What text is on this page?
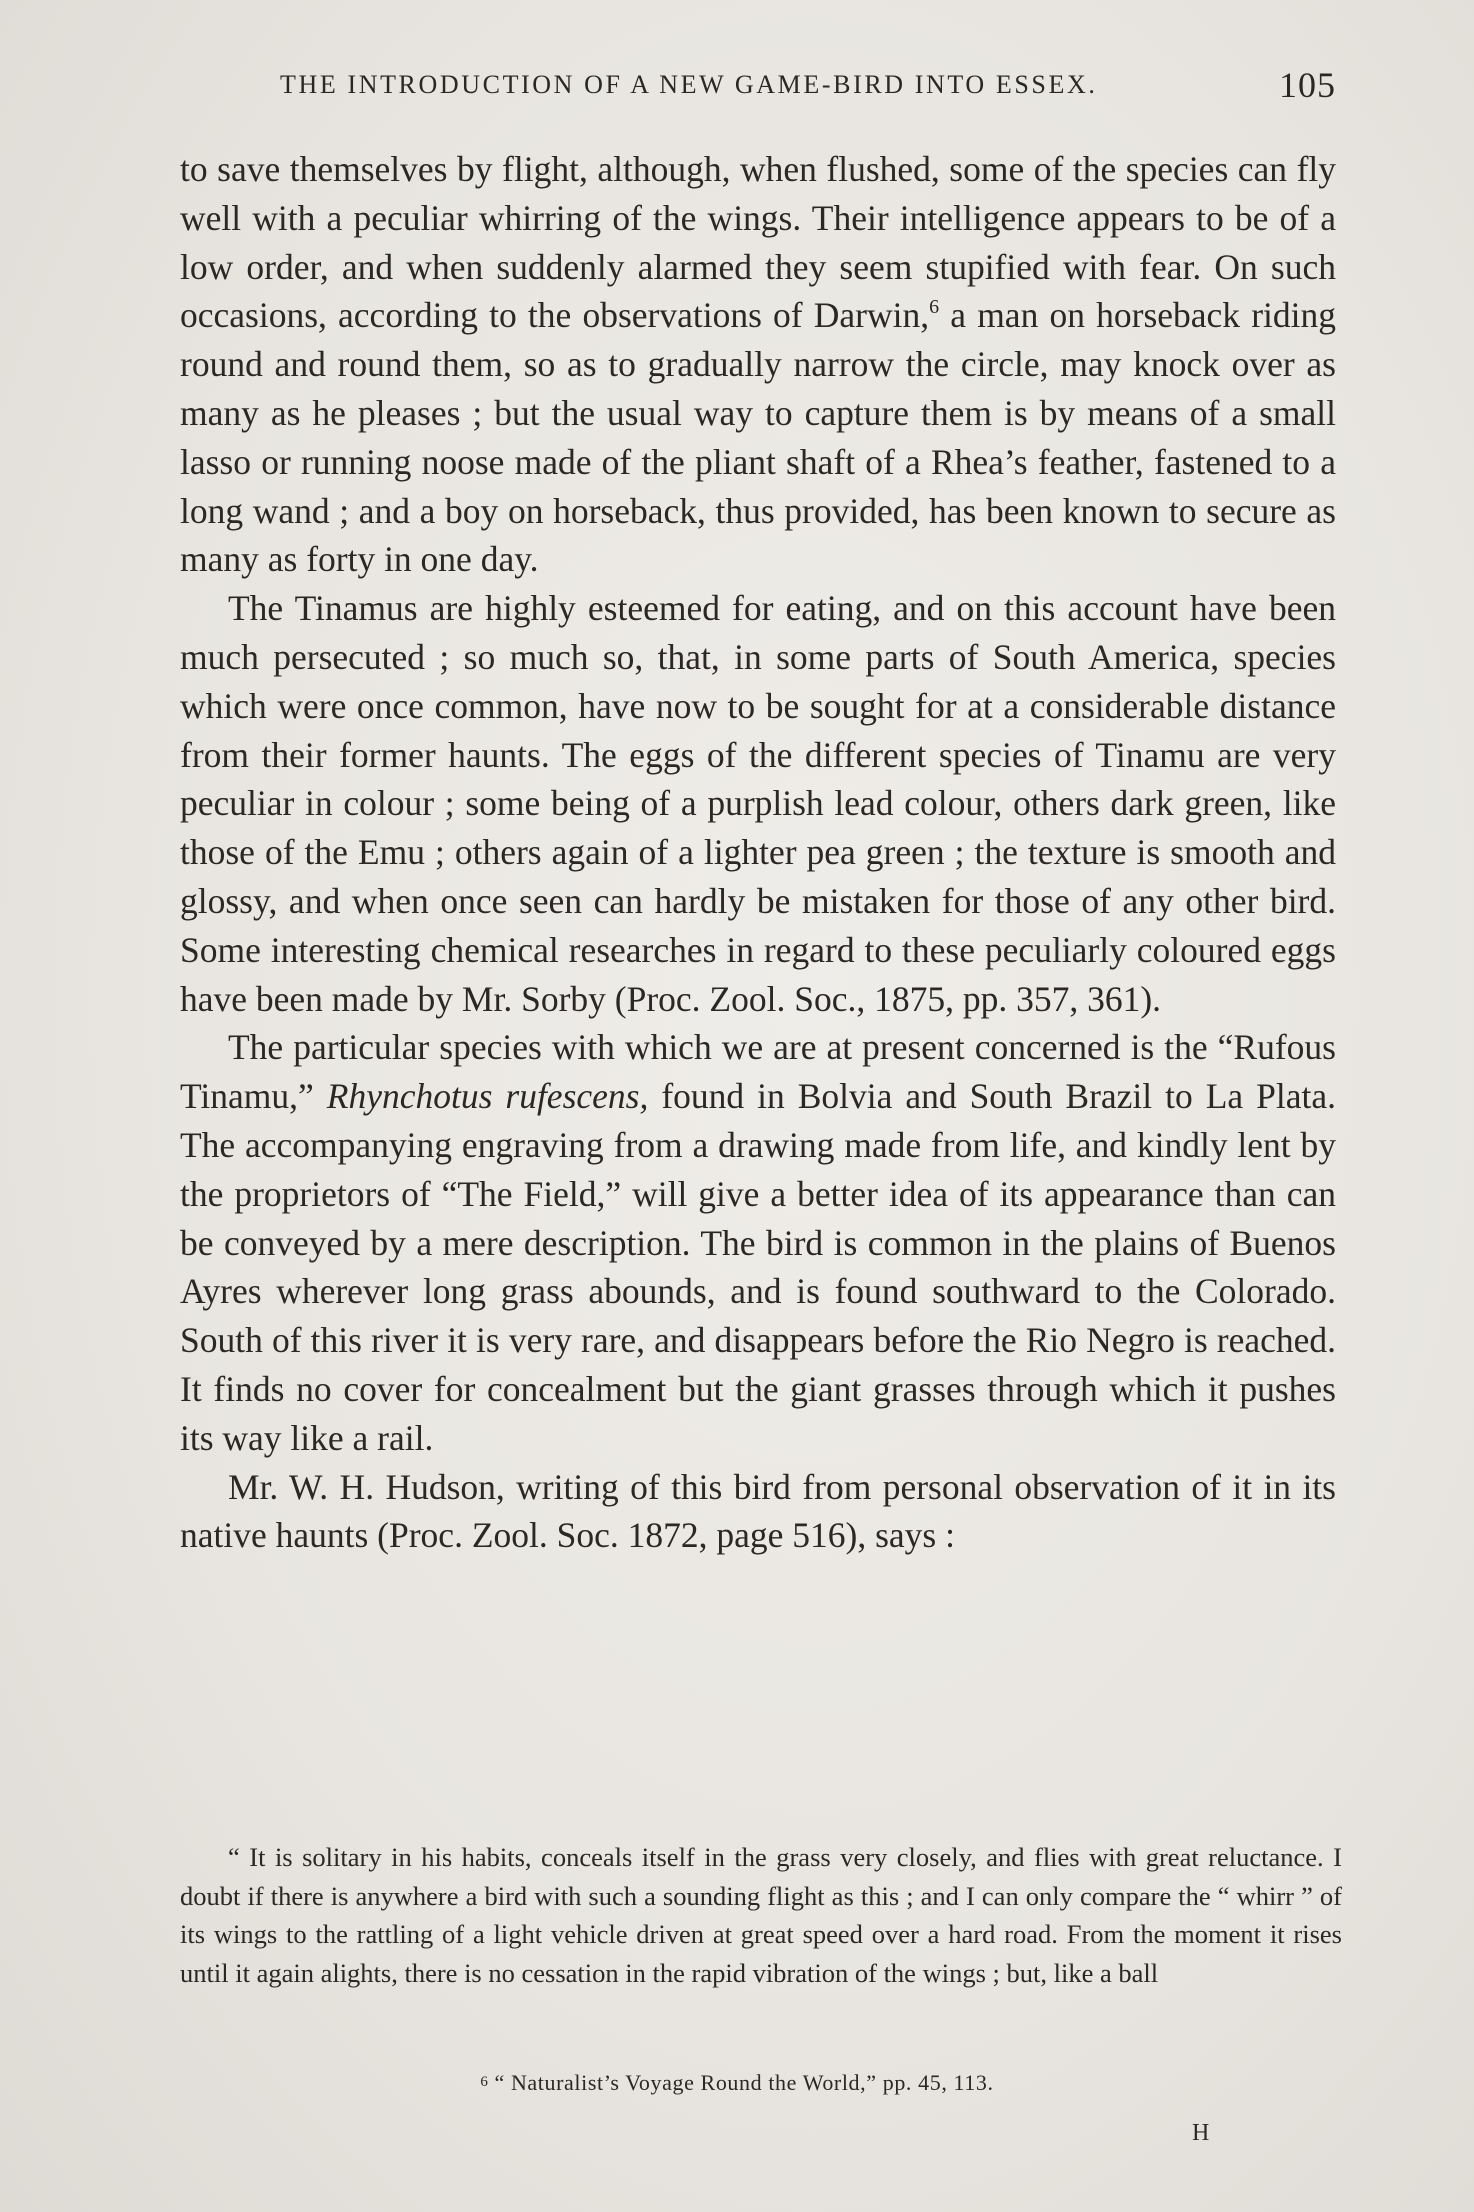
THE INTRODUCTION OF A NEW GAME-BIRD INTO ESSEX.	105

to save themselves by flight, although, when flushed, some of the species can fly well with a peculiar whirring of the wings. Their intelligence appears to be of a low order, and when suddenly alarmed they seem stupified with fear. On such occasions, according to the observations of Darwin,$^6$ a man on horseback riding round and round them, so as to gradually narrow the circle, may knock over as many as he pleases ; but the usual way to capture them is by means of a small lasso or running noose made of the pliant shaft of a Rhea’s feather, fastened to a long wand ; and a boy on horseback, thus provided, has been known to secure as many as forty in one day.

The Tinamus are highly esteemed for eating, and on this account have been much persecuted ; so much so, that, in some parts of South America, species which were once common, have now to be sought for at a considerable distance from their former haunts. The eggs of the different species of Tinamu are very peculiar in colour ; some being of a purplish lead colour, others dark green, like those of the Emu ; others again of a lighter pea green ; the texture is smooth and glossy, and when once seen can hardly be mistaken for those of any other bird. Some interesting chemical researches in regard to these peculiarly coloured eggs have been made by Mr. Sorby (Proc. Zool. Soc., 1875, pp. 357, 361).

The particular species with which we are at present concerned is the “Rufous Tinamu,” Rhynchotus rufescens, found in Bolvia and South Brazil to La Plata. The accompanying engraving from a drawing made from life, and kindly lent by the proprietors of “The Field,” will give a better idea of its appearance than can be conveyed by a mere description. The bird is common in the plains of Buenos Ayres wherever long grass abounds, and is found southward to the Colorado. South of this river it is very rare, and disappears before the Rio Negro is reached. It finds no cover for concealment but the giant grasses through which it pushes its way like a rail.

Mr. W. H. Hudson, writing of this bird from personal observation of it in its native haunts (Proc. Zool. Soc. 1872, page 516), says :

“ It is solitary in his habits, conceals itself in the grass very closely, and flies with great reluctance. I doubt if there is anywhere a bird with such a sounding flight as this ; and I can only compare the “ whirr ” of its wings to the rattling of a light vehicle driven at great speed over a hard road. From the moment it rises until it again alights, there is no cessation in the rapid vibration of the wings ; but, like a ball
$^6$ “ Naturalist’s Voyage Round the World,” pp. 45, 113.
H
